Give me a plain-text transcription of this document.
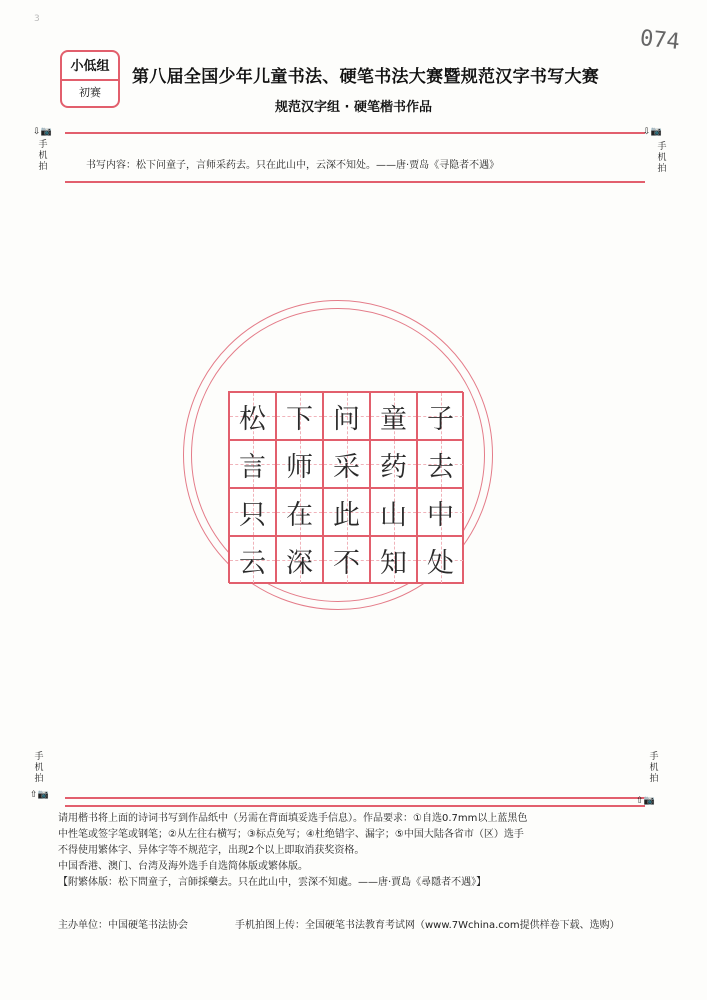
3
074
小低组
初赛
第八届全国少年儿童书法、硬笔书法大赛暨规范汉字书写大赛
规范汉字组 · 硬笔楷书作品
⇩📷
手
机
拍
⇩📷
手
机
拍
手
机
拍
⇧📷
手
机
拍
⇧📷
书写内容：松下问童子，言师采药去。只在此山中，云深不知处。——唐·贾岛《寻隐者不遇》
松 下 问 童 子
言 师 采 药 去
只 在 此 山 中
云 深 不 知 处

请用楷书将上面的诗词书写到作品纸中（另需在背面填妥选手信息）。作品要求：①自选0.7mm以上蓝黑色

中性笔或签字笔或钢笔；②从左往右横写；③标点免写；④杜绝错字、漏字；⑤中国大陆各省市（区）选手

不得使用繁体字、异体字等不规范字，出现2个以上即取消获奖资格。

中国香港、澳门、台湾及海外选手自选简体版或繁体版。

【附繁体版：松下問童子，言師採藥去。只在此山中，雲深不知處。——唐·賈島《尋隱者不遇》】

主办单位：中国硬笔书法协会	手机拍图上传：全国硬笔书法教育考试网（www.7Wchina.com提供样卷下载、选购）
